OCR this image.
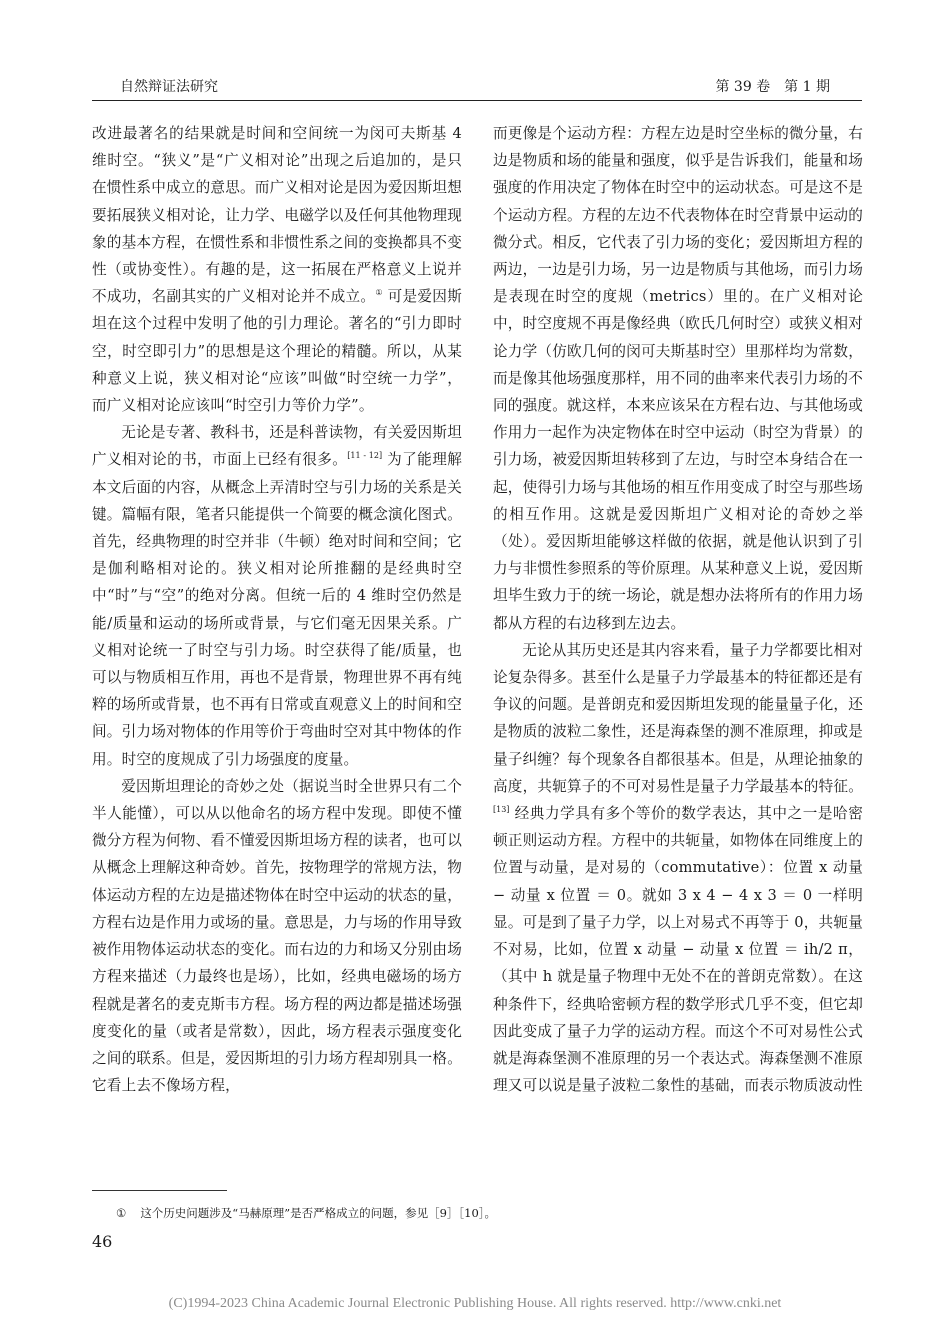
自然辩证法研究	第 39 卷　第 1 期

改进最著名的结果就是时间和空间统一为闵可夫斯基 4 维时空。“狭义”是“广义相对论”出现之后追加的，是只在惯性系中成立的意思。而广义相对论是因为爱因斯坦想要拓展狭义相对论，让力学、电磁学以及任何其他物理现象的基本方程，在惯性系和非惯性系之间的变换都具不变性（或协变性）。有趣的是，这一拓展在严格意义上说并不成功，名副其实的广义相对论并不成立。① 可是爱因斯坦在这个过程中发明了他的引力理论。著名的“引力即时空，时空即引力”的思想是这个理论的精髓。所以，从某种意义上说，狭义相对论“应该”叫做“时空统一力学”，而广义相对论应该叫“时空引力等价力学”。

无论是专著、教科书，还是科普读物，有关爱因斯坦广义相对论的书，市面上已经有很多。[11 - 12] 为了能理解本文后面的内容，从概念上弄清时空与引力场的关系是关键。篇幅有限，笔者只能提供一个简要的概念演化图式。首先，经典物理的时空并非（牛顿）绝对时间和空间；它是伽利略相对论的。狭义相对论所推翻的是经典时空中“时”与“空”的绝对分离。但统一后的 4 维时空仍然是能/质量和运动的场所或背景，与它们毫无因果关系。广义相对论统一了时空与引力场。时空获得了能/质量，也可以与物质相互作用，再也不是背景，物理世界不再有纯粹的场所或背景，也不再有日常或直观意义上的时间和空间。引力场对物体的作用等价于弯曲时空对其中物体的作用。时空的度规成了引力场强度的度量。

爱因斯坦理论的奇妙之处（据说当时全世界只有二个半人能懂），可以从以他命名的场方程中发现。即使不懂微分方程为何物、看不懂爱因斯坦场方程的读者，也可以从概念上理解这种奇妙。首先，按物理学的常规方法，物体运动方程的左边是描述物体在时空中运动的状态的量，方程右边是作用力或场的量。意思是，力与场的作用导致被作用物体运动状态的变化。而右边的力和场又分别由场方程来描述（力最终也是场），比如，经典电磁场的场方程就是著名的麦克斯韦方程。场方程的两边都是描述场强度变化的量（或者是常数），因此，场方程表示强度变化之间的联系。但是，爱因斯坦的引力场方程却别具一格。它看上去不像场方程，

而更像是个运动方程：方程左边是时空坐标的微分量，右边是物质和场的能量和强度，似乎是告诉我们，能量和场强度的作用决定了物体在时空中的运动状态。可是这不是个运动方程。方程的左边不代表物体在时空背景中运动的微分式。相反，它代表了引力场的变化；爱因斯坦方程的两边，一边是引力场，另一边是物质与其他场，而引力场是表现在时空的度规（metrics）里的。在广义相对论中，时空度规不再是像经典（欧氏几何时空）或狭义相对论力学（仿欧几何的闵可夫斯基时空）里那样均为常数，而是像其他场强度那样，用不同的曲率来代表引力场的不同的强度。就这样，本来应该呆在方程右边、与其他场或作用力一起作为决定物体在时空中运动（时空为背景）的引力场，被爱因斯坦转移到了左边，与时空本身结合在一起，使得引力场与其他场的相互作用变成了时空与那些场的相互作用。这就是爱因斯坦广义相对论的奇妙之举（处）。爱因斯坦能够这样做的依据，就是他认识到了引力与非惯性参照系的等价原理。从某种意义上说，爱因斯坦毕生致力于的统一场论，就是想办法将所有的作用力场都从方程的右边移到左边去。

无论从其历史还是其内容来看，量子力学都要比相对论复杂得多。甚至什么是量子力学最基本的特征都还是有争议的问题。是普朗克和爱因斯坦发现的能量量子化，还是物质的波粒二象性，还是海森堡的测不准原理，抑或是量子纠缠？每个现象各自都很基本。但是，从理论抽象的高度，共轭算子的不可对易性是量子力学最基本的特征。[13] 经典力学具有多个等价的数学表达，其中之一是哈密顿正则运动方程。方程中的共轭量，如物体在同维度上的位置与动量，是对易的（commutative）：位置 x 动量 − 动量 x 位置 ＝ 0。就如 3 x 4 − 4 x 3 ＝ 0 一样明显。可是到了量子力学，以上对易式不再等于 0，共轭量不对易，比如，位置 x 动量 − 动量 x 位置 ＝ ih/2 π，（其中 h 就是量子物理中无处不在的普朗克常数）。在这种条件下，经典哈密顿方程的数学形式几乎不变，但它却因此变成了量子力学的运动方程。而这个不可对易性公式就是海森堡测不准原理的另一个表达式。海森堡测不准原理又可以说是量子波粒二象性的基础，而表示物质波动性

① 这个历史问题涉及“马赫原理”是否严格成立的问题，参见［9］［10］。
46
(C)1994-2023 China Academic Journal Electronic Publishing House. All rights reserved. http://www.cnki.net
